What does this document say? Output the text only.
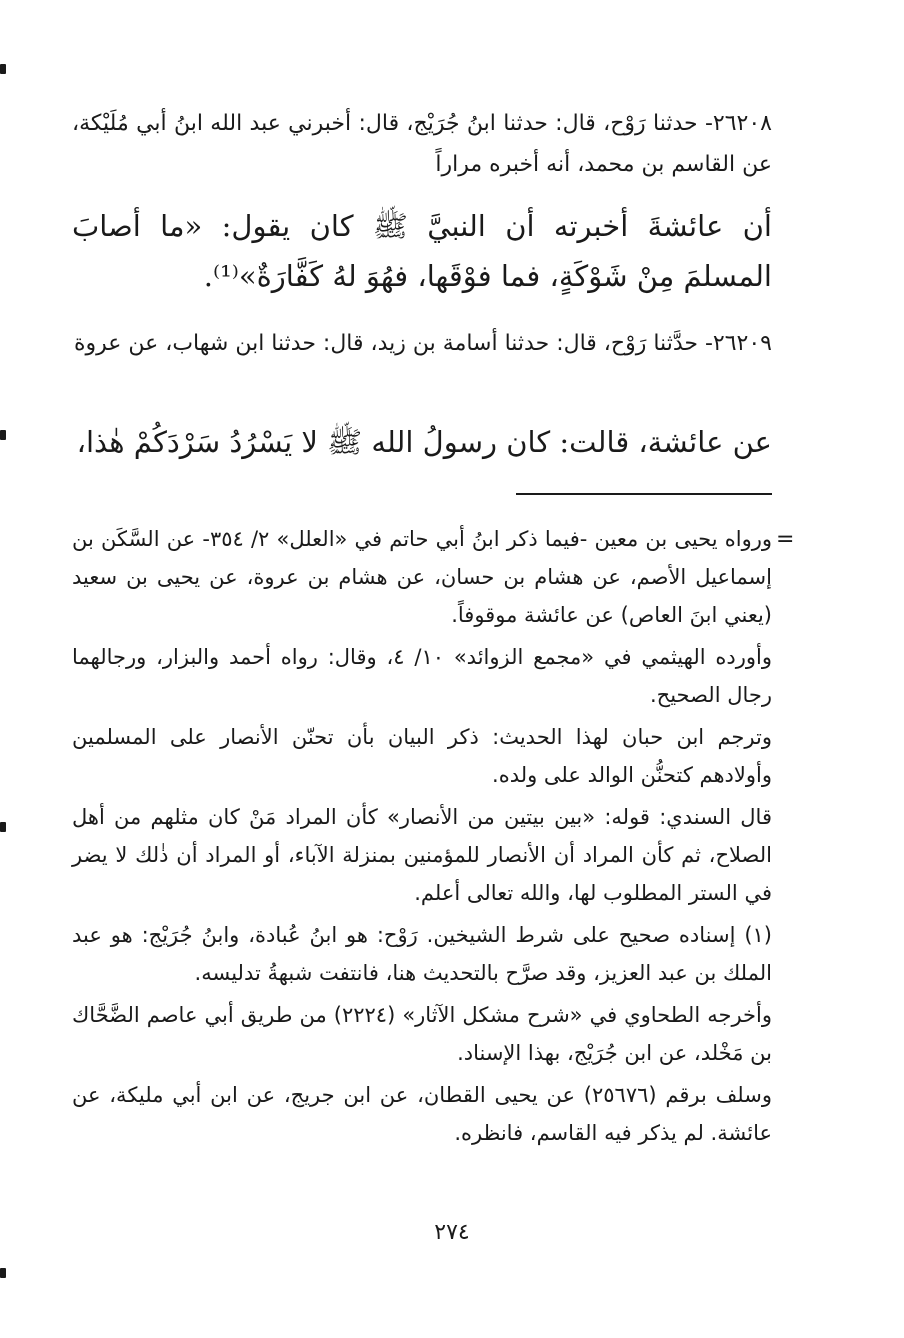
٢٦٢٠٨- حدثنا رَوْح، قال: حدثنا ابنُ جُرَيْج، قال: أخبرني عبد الله ابنُ أبي مُلَيْكة، عن القاسم بن محمد، أنه أخبره مراراً

أن عائشةَ أخبرته أن النبيَّ ﷺ كان يقول: «ما أصابَ المسلمَ مِنْ شَوْكَةٍ، فما فوْقَها، فهُوَ لهُ كَفَّارَةٌ»⁽¹⁾.

٢٦٢٠٩- حدَّثنا رَوْح، قال: حدثنا أسامة بن زيد، قال: حدثنا ابن شهاب، عن عروة

عن عائشة، قالت: كان رسولُ الله ﷺ لا يَسْرُدُ سَرْدَكُمْ هٰذا،

=

ورواه يحيى بن معين -فيما ذكر ابنُ أبي حاتم في «العلل» ٢/ ٣٥٤- عن السَّكَن بن إسماعيل الأصم، عن هشام بن حسان، عن هشام بن عروة، عن يحيى بن سعيد (يعني ابنَ العاص) عن عائشة موقوفاً.

وأورده الهيثمي في «مجمع الزوائد» ١٠/ ٤، وقال: رواه أحمد والبزار، ورجالهما رجال الصحيح.

وترجم ابن حبان لهذا الحديث: ذكر البيان بأن تحنّن الأنصار على المسلمين وأولادهم كتحنُّن الوالد على ولده.

قال السندي: قوله: «بين بيتين من الأنصار» كأن المراد مَنْ كان مثلهم من أهل الصلاح، ثم كأن المراد أن الأنصار للمؤمنين بمنزلة الآباء، أو المراد أن ذٰلك لا يضر في الستر المطلوب لها، والله تعالى أعلم.

(١) إسناده صحيح على شرط الشيخين. رَوْح: هو ابنُ عُبادة، وابنُ جُرَيْج: هو عبد الملك بن عبد العزيز، وقد صرَّح بالتحديث هنا، فانتفت شبهةُ تدليسه.

وأخرجه الطحاوي في «شرح مشكل الآثار» (٢٢٢٤) من طريق أبي عاصم الضَّحَّاك بن مَخْلد، عن ابن جُرَيْج، بهذا الإسناد.

وسلف برقم (٢٥٦٧٦) عن يحيى القطان، عن ابن جريج، عن ابن أبي مليكة، عن عائشة. لم يذكر فيه القاسم، فانظره.

٢٧٤
